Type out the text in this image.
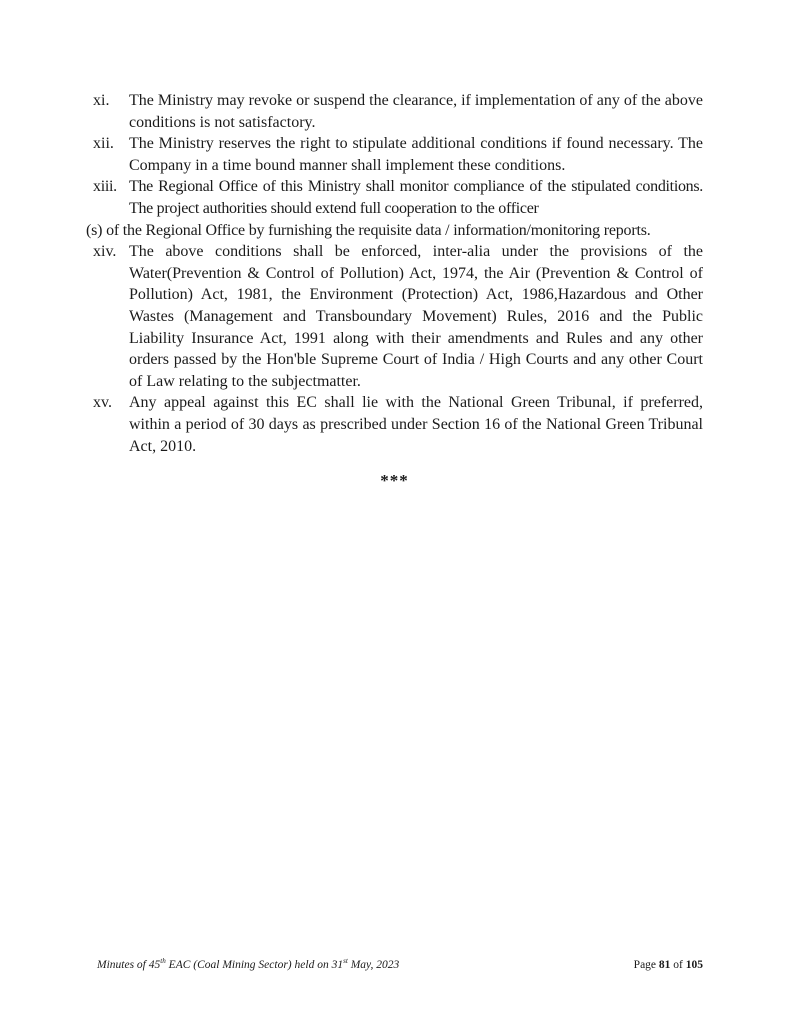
xi. The Ministry may revoke or suspend the clearance, if implementation of any of the above conditions is not satisfactory.
xii. The Ministry reserves the right to stipulate additional conditions if found necessary. The Company in a time bound manner shall implement these conditions.
xiii. The Regional Office of this Ministry shall monitor compliance of the stipulated conditions. The project authorities should extend full cooperation to the officer

(s) of the Regional Office by furnishing the requisite data / information/monitoring reports.

xiv. The above conditions shall be enforced, inter-alia under the provisions of the Water(Prevention & Control of Pollution) Act, 1974, the Air (Prevention & Control of Pollution) Act, 1981, the Environment (Protection) Act, 1986,Hazardous and Other Wastes (Management and Transboundary Movement) Rules, 2016 and the Public Liability Insurance Act, 1991 along with their amendments and Rules and any other orders passed by the Hon'ble Supreme Court of India / High Courts and any other Court of Law relating to the subjectmatter.
xv. Any appeal against this EC shall lie with the National Green Tribunal, if preferred, within a period of 30 days as prescribed under Section 16 of the National Green Tribunal Act, 2010.
***
Minutes of 45th EAC (Coal Mining Sector) held on 31st May, 2023	Page 81 of 105
